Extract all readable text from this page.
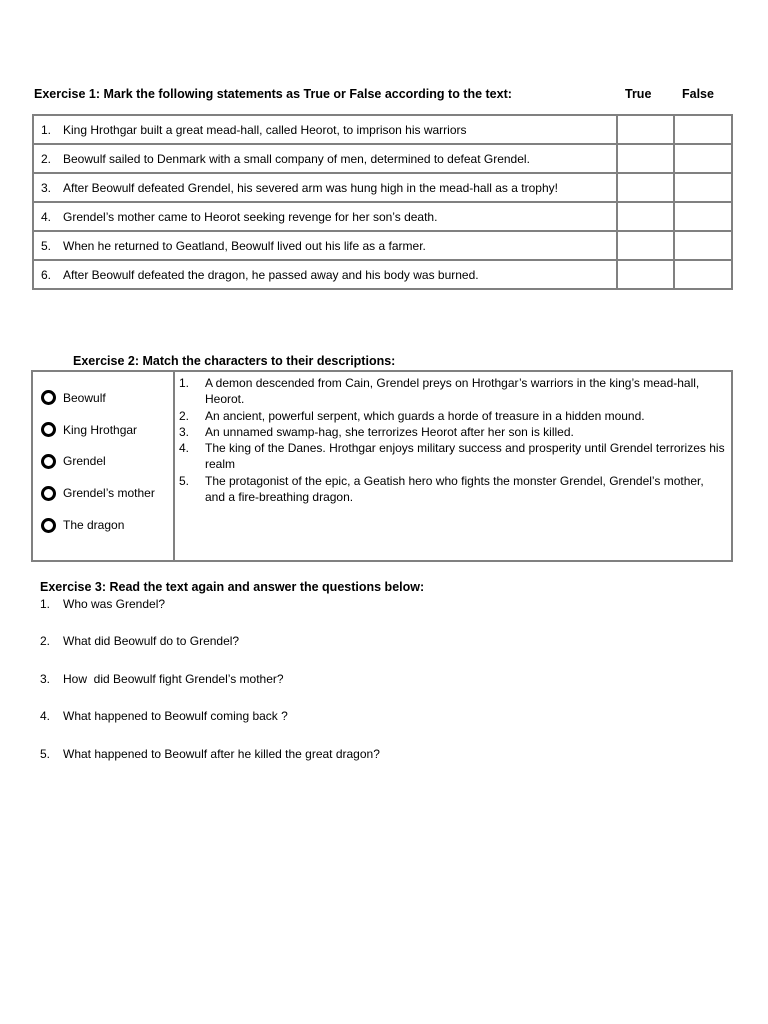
Exercise 1: Mark the following statements as True or False according to the text:	True False
1. King Hrothgar built a great mead-hall, called Heorot, to imprison his warriors		
2. Beowulf sailed to Denmark with a small company of men, determined to defeat Grendel.		
3. After Beowulf defeated Grendel, his severed arm was hung high in the mead-hall as a trophy!		
4. Grendel’s mother came to Heorot seeking revenge for her son’s death.		
5. When he returned to Geatland, Beowulf lived out his life as a farmer.		
6. After Beowulf defeated the dragon, he passed away and his body was burned.		
Exercise 2: Match the characters to their descriptions:
Beowulf
King Hrothgar
Grendel
Grendel’s mother
The dragon
1.	A demon descended from Cain, Grendel preys on Hrothgar’s warriors in the king’s mead-hall, Heorot.
2.	An ancient, powerful serpent, which guards a horde of treasure in a hidden mound.
3.	An unnamed swamp-hag, she terrorizes Heorot after her son is killed.
4.	The king of the Danes. Hrothgar enjoys military success and prosperity until Grendel terrorizes his realm
5.	The protagonist of the epic, a Geatish hero who fights the monster Grendel, Grendel’s mother, and a fire-breathing dragon.
Exercise 3: Read the text again and answer the questions below:
1. Who was Grendel?
2. What did Beowulf do to Grendel?
3. How  did Beowulf fight Grendel’s mother?
4. What happened to Beowulf coming back ?
5. What happened to Beowulf after he killed the great dragon?
